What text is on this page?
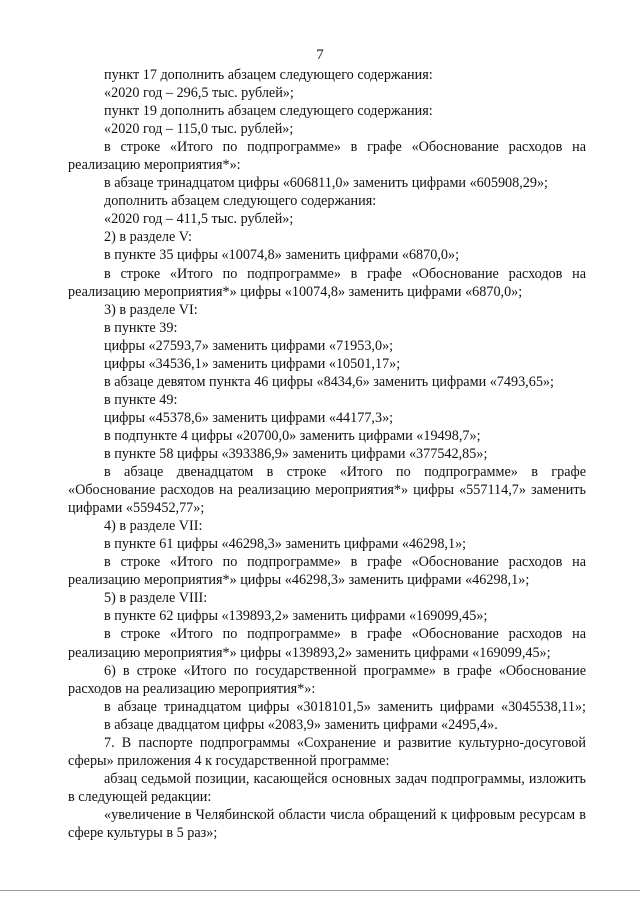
7

пункт 17 дополнить абзацем следующего содержания:

«2020 год – 296,5 тыс. рублей»;

пункт 19 дополнить абзацем следующего содержания:

«2020 год – 115,0 тыс. рублей»;

в строке «Итого по подпрограмме» в графе «Обоснование расходов на реализацию мероприятия*»:

в абзаце тринадцатом цифры «606811,0» заменить цифрами «605908,29»;

дополнить абзацем следующего содержания:

«2020 год – 411,5 тыс. рублей»;

2) в разделе V:

в пункте 35 цифры «10074,8» заменить цифрами «6870,0»;

в строке «Итого по подпрограмме» в графе «Обоснование расходов на реализацию мероприятия*» цифры «10074,8» заменить цифрами «6870,0»;

3) в разделе VI:

в пункте 39:

цифры «27593,7» заменить цифрами «71953,0»;

цифры «34536,1» заменить цифрами «10501,17»;

в абзаце девятом пункта 46 цифры «8434,6» заменить цифрами «7493,65»;

в пункте 49:

цифры «45378,6» заменить цифрами «44177,3»;

в подпункте 4 цифры «20700,0» заменить цифрами «19498,7»;

в пункте 58 цифры «393386,9» заменить цифрами «377542,85»;

в абзаце двенадцатом в строке «Итого по подпрограмме» в графе «Обоснование расходов на реализацию мероприятия*» цифры «557114,7» заменить цифрами «559452,77»;

4) в разделе VII:

в пункте 61 цифры «46298,3» заменить цифрами «46298,1»;

в строке «Итого по подпрограмме» в графе «Обоснование расходов на реализацию мероприятия*» цифры «46298,3» заменить цифрами «46298,1»;

5) в разделе VIII:

в пункте 62 цифры «139893,2» заменить цифрами «169099,45»;

в строке «Итого по подпрограмме» в графе «Обоснование расходов на реализацию мероприятия*» цифры «139893,2» заменить цифрами «169099,45»;

6) в строке «Итого по государственной программе» в графе «Обоснование расходов на реализацию мероприятия*»:

в абзаце тринадцатом цифры «3018101,5» заменить цифрами «3045538,11»;

в абзаце двадцатом цифры «2083,9» заменить цифрами «2495,4».

7. В паспорте подпрограммы «Сохранение и развитие культурно-досуговой сферы» приложения 4 к государственной программе:

абзац седьмой позиции, касающейся основных задач подпрограммы, изложить в следующей редакции:

«увеличение в Челябинской области числа обращений к цифровым ресурсам в сфере культуры в 5 раз»;
